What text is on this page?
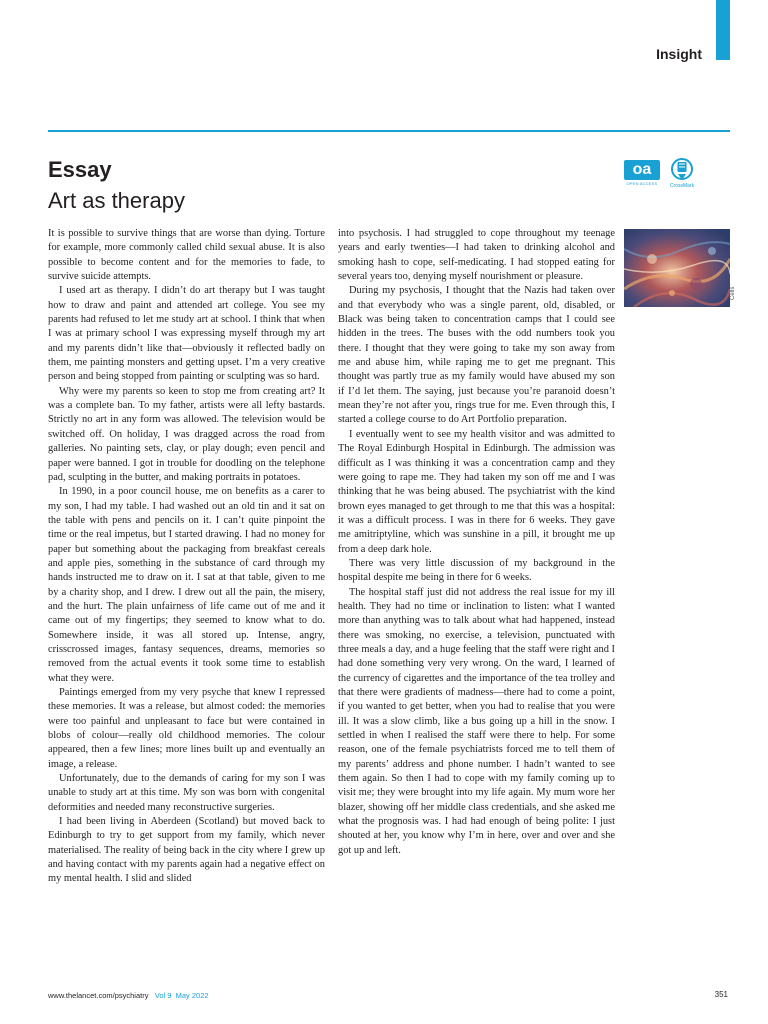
Insight
Essay
Art as therapy
oa
OPEN ACCESS	CrossMark

It is possible to survive things that are worse than dying. Torture for example, more commonly called child sexual abuse. It is also possible to become content and for the memories to fade, to survive suicide attempts.

I used art as therapy. I didn’t do art therapy but I was taught how to draw and paint and attended art college. You see my parents had refused to let me study art at school. I think that when I was at primary school I was expressing myself through my art and my parents didn’t like that—obviously it reflected badly on them, me painting monsters and getting upset. I’m a very creative person and being stopped from painting or sculpting was so hard.

Why were my parents so keen to stop me from creating art? It was a complete ban. To my father, artists were all lefty bastards. Strictly no art in any form was allowed. The television would be switched off. On holiday, I was dragged across the road from galleries. No painting sets, clay, or play dough; even pencil and paper were banned. I got in trouble for doodling on the telephone pad, sculpting in the butter, and making portraits in potatoes.

In 1990, in a poor council house, me on benefits as a carer to my son, I had my table. I had washed out an old tin and it sat on the table with pens and pencils on it. I can’t quite pinpoint the time or the real impetus, but I started drawing. I had no money for paper but something about the packaging from breakfast cereals and apple pies, something in the substance of card through my hands instructed me to draw on it. I sat at that table, given to me by a charity shop, and I drew. I drew out all the pain, the misery, and the hurt. The plain unfairness of life came out of me and it came out of my fingertips; they seemed to know what to do. Somewhere inside, it was all stored up. Intense, angry, crisscrossed images, fantasy sequences, dreams, memories so removed from the actual events it took some time to establish what they were.

Paintings emerged from my very psyche that knew I repressed these memories. It was a release, but almost coded: the memories were too painful and unpleasant to face but were contained in blobs of colour—really old childhood memories. The colour appeared, then a few lines; more lines built up and eventually an image, a release.

Unfortunately, due to the demands of caring for my son I was unable to study art at this time. My son was born with congenital deformities and needed many reconstructive surgeries.

I had been living in Aberdeen (Scotland) but moved back to Edinburgh to try to get support from my family, which never materialised. The reality of being back in the city where I grew up and having contact with my parents again had a negative effect on my mental health. I slid and slided

into psychosis. I had struggled to cope throughout my teenage years and early twenties—I had taken to drinking alcohol and smoking hash to cope, self-medicating. I had stopped eating for several years too, denying myself nourishment or pleasure.

During my psychosis, I thought that the Nazis had taken over and that everybody who was a single parent, old, disabled, or Black was being taken to concentration camps that I could see hidden in the trees. The buses with the odd numbers took you there. I thought that they were going to take my son away from me and abuse him, while raping me to get me pregnant. This thought was partly true as my family would have abused my son if I’d let them. The saying, just because you’re paranoid doesn’t mean they’re not after you, rings true for me. Even through this, I started a college course to do Art Portfolio preparation.

I eventually went to see my health visitor and was admitted to The Royal Edinburgh Hospital in Edinburgh. The admission was difficult as I was thinking it was a concentration camp and they were going to rape me. They had taken my son off me and I was thinking that he was being abused. The psychiatrist with the kind brown eyes managed to get through to me that this was a hospital: it was a difficult process. I was in there for 6 weeks. They gave me amitriptyline, which was sunshine in a pill, it brought me up from a deep dark hole.

There was very little discussion of my background in the hospital despite me being in there for 6 weeks.

The hospital staff just did not address the real issue for my ill health. They had no time or inclination to listen: what I wanted more than anything was to talk about what had happened, instead there was smoking, no exercise, a television, punctuated with three meals a day, and a huge feeling that the staff were right and I had done something very very wrong. On the ward, I learned of the currency of cigarettes and the importance of the tea trolley and that there were gradients of madness—there had to come a point, if you wanted to get better, when you had to realise that you were ill. It was a slow climb, like a bus going up a hill in the snow. I settled in when I realised the staff were there to help. For some reason, one of the female psychiatrists forced me to tell them of my parents’ address and phone number. I hadn’t wanted to see them again. So then I had to cope with my family coming up to visit me; they were brought into my life again. My mum wore her blazer, showing off her middle class credentials, and she asked me what the prognosis was. I had had enough of being polite: I just shouted at her, you know why I’m in here, over and over and she got up and left.

Cells
www.thelancet.com/psychiatry Vol 9 May 2022	351
